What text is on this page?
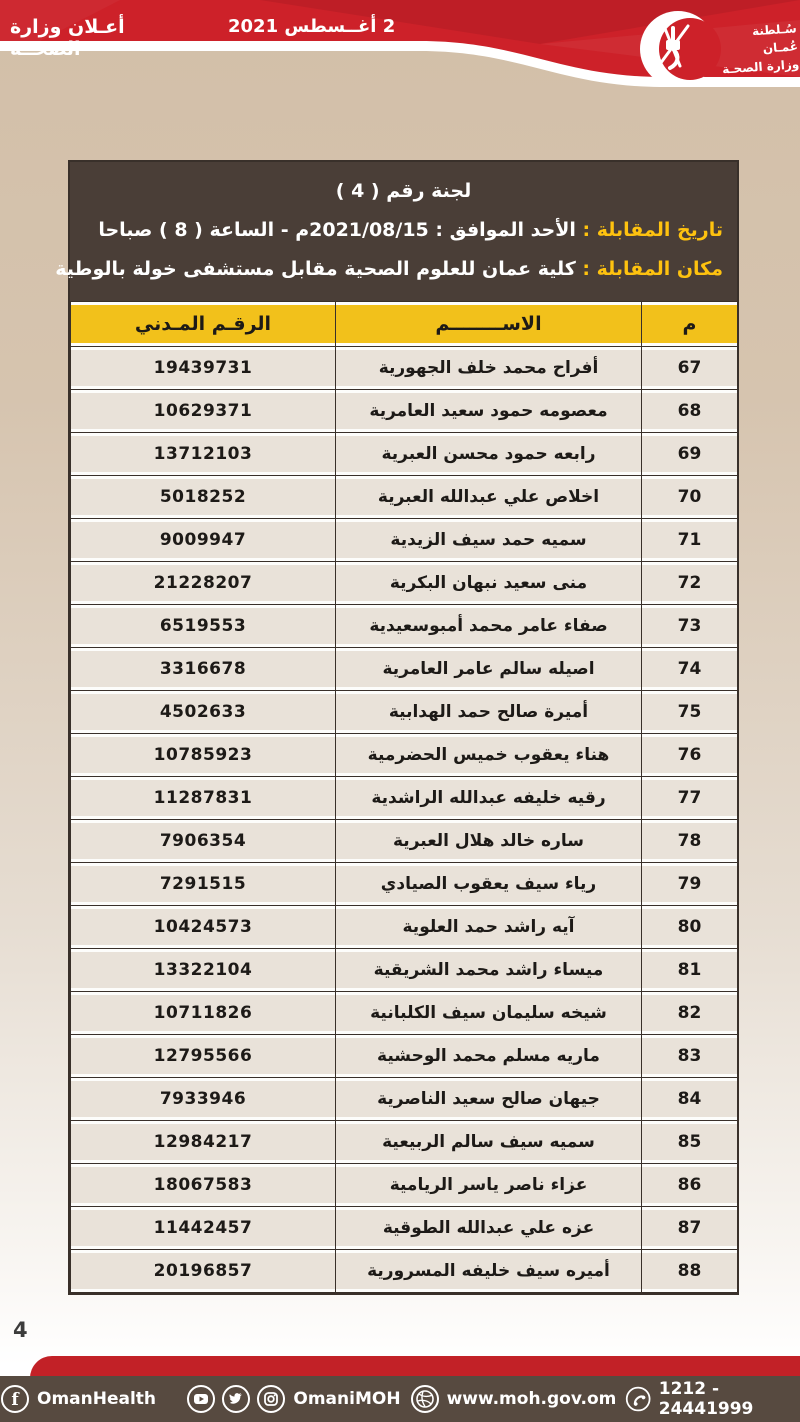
أعـلان وزارة الصحــة
2 أغــسطس 2021	سُـلطنة عُمـان
وزارة الصحـة
لجنة رقم ( 4 )
تاريخ المقابلة : الأحد الموافق : 2021/08/15م - الساعة ( 8 ) صباحا
مكان المقابلة : كلية عمان للعلوم الصحية مقابل مستشفى خولة بالوطية
م	الاســــــــم	الرقـم المـدني
67	أفراح محمد خلف الجهورية	19439731
68	معصومه حمود سعيد العامرية	10629371
69	رابعه حمود محسن العبرية	13712103
70	اخلاص علي عبدالله العبرية	5018252
71	سميه حمد سيف الزيدية	9009947
72	منى سعيد نبهان البكرية	21228207
73	صفاء عامر محمد أمبوسعيدية	6519553
74	اصيله سالم عامر العامرية	3316678
75	أميرة صالح حمد الهدابية	4502633
76	هناء يعقوب خميس الحضرمية	10785923
77	رقيه خليفه عبدالله الراشدية	11287831
78	ساره خالد هلال العبرية	7906354
79	رياء سيف يعقوب الصيادي	7291515
80	آيه راشد حمد العلوية	10424573
81	ميساء راشد محمد الشريقية	13322104
82	شيخه سليمان سيف الكلبانية	10711826
83	ماريه مسلم محمد الوحشية	12795566
84	جيهان صالح سعيد الناصرية	7933946
85	سميه سيف سالم الربيعية	12984217
86	عزاء ناصر ياسر الريامية	18067583
87	عزه علي عبدالله الطوقية	11442457
88	أميره سيف خليفه المسرورية	20196857
4
f OmanHealth	OmaniMOH	www.moh.gov.om 1212 - 24441999
